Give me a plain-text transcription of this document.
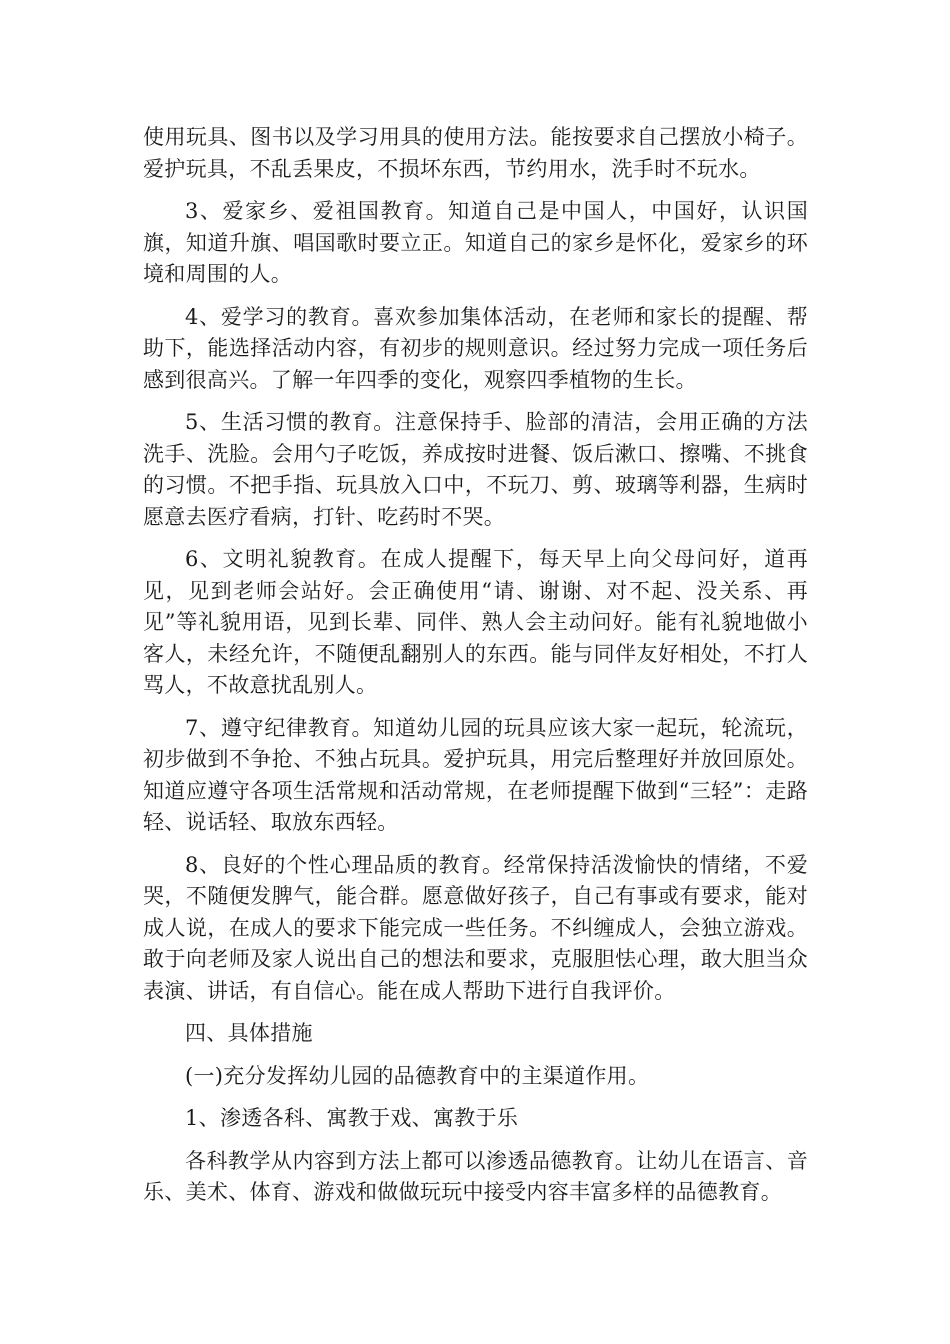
使用玩具、图书以及学习用具的使用方法。能按要求自己摆放小椅子。爱护玩具，不乱丢果皮，不损坏东西，节约用水，洗手时不玩水。

3、爱家乡、爱祖国教育。知道自己是中国人，中国好，认识国旗，知道升旗、唱国歌时要立正。知道自己的家乡是怀化，爱家乡的环境和周围的人。

4、爱学习的教育。喜欢参加集体活动，在老师和家长的提醒、帮助下，能选择活动内容，有初步的规则意识。经过努力完成一项任务后感到很高兴。了解一年四季的变化，观察四季植物的生长。

5、生活习惯的教育。注意保持手、脸部的清洁，会用正确的方法洗手、洗脸。会用勺子吃饭，养成按时进餐、饭后漱口、擦嘴、不挑食的习惯。不把手指、玩具放入口中，不玩刀、剪、玻璃等利器，生病时愿意去医疗看病，打针、吃药时不哭。

6、文明礼貌教育。在成人提醒下，每天早上向父母问好，道再见，见到老师会站好。会正确使用“请、谢谢、对不起、没关系、再见”等礼貌用语，见到长辈、同伴、熟人会主动问好。能有礼貌地做小客人，未经允许，不随便乱翻别人的东西。能与同伴友好相处，不打人骂人，不故意扰乱别人。

7、遵守纪律教育。知道幼儿园的玩具应该大家一起玩，轮流玩，初步做到不争抢、不独占玩具。爱护玩具，用完后整理好并放回原处。知道应遵守各项生活常规和活动常规，在老师提醒下做到“三轻”：走路轻、说话轻、取放东西轻。

8、良好的个性心理品质的教育。经常保持活泼愉快的情绪，不爱哭，不随便发脾气，能合群。愿意做好孩子，自己有事或有要求，能对成人说，在成人的要求下能完成一些任务。不纠缠成人，会独立游戏。敢于向老师及家人说出自己的想法和要求，克服胆怯心理，敢大胆当众表演、讲话，有自信心。能在成人帮助下进行自我评价。

四、具体措施

(一)充分发挥幼儿园的品德教育中的主渠道作用。

1、渗透各科、寓教于戏、寓教于乐

各科教学从内容到方法上都可以渗透品德教育。让幼儿在语言、音乐、美术、体育、游戏和做做玩玩中接受内容丰富多样的品德教育。
